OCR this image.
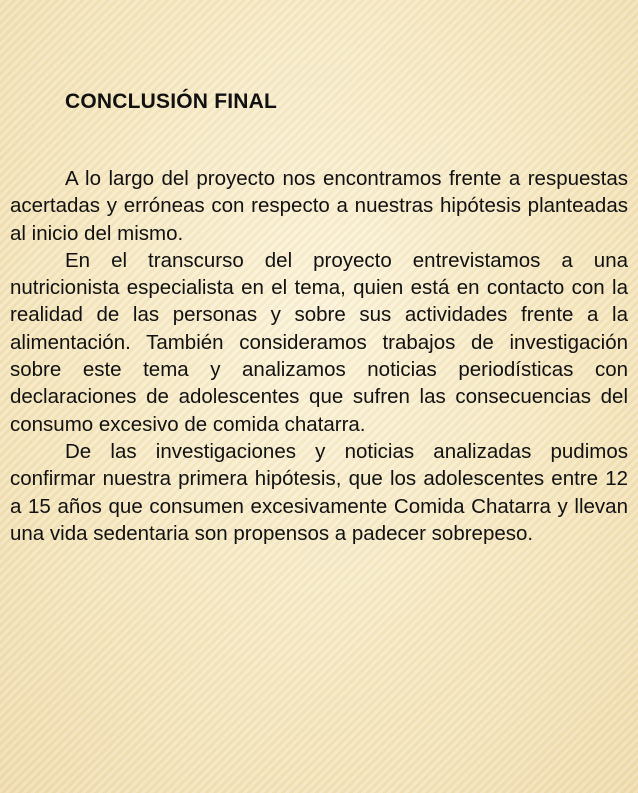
CONCLUSIÓN FINAL

A lo largo del proyecto nos encontramos frente a respuestas acertadas y erróneas con respecto a nuestras hipótesis planteadas al inicio del mismo.

En el transcurso del proyecto entrevistamos a una nutricionista especialista en el tema, quien está en contacto con la realidad de las personas y sobre sus actividades frente a la alimentación. También consideramos trabajos de investigación sobre este tema y analizamos noticias periodísticas con declaraciones de adolescentes que sufren las consecuencias del consumo excesivo de comida chatarra.

De las investigaciones y noticias analizadas pudimos confirmar nuestra primera hipótesis, que los adolescentes entre 12 a 15 años que consumen excesivamente Comida Chatarra y llevan una vida sedentaria son propensos a padecer sobrepeso.
